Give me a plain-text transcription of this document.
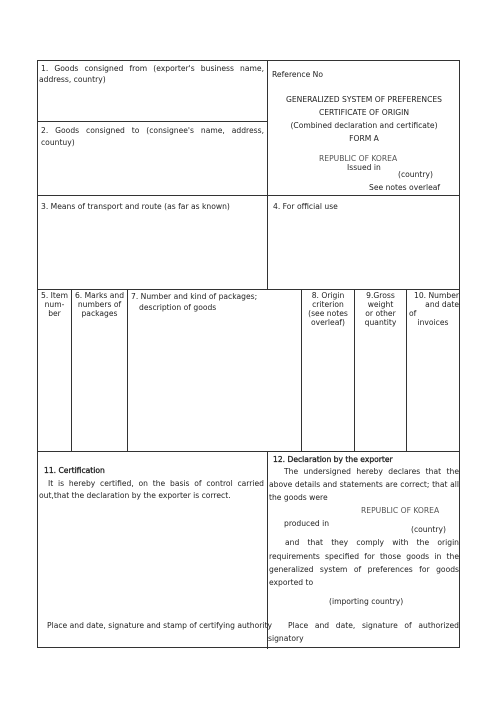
1. Goods consigned from (exporter's business name,
address, country)
2. Goods consigned to (consignee's name, address, countuy)
Reference No
GENERALIZED SYSTEM OF PREFERENCES
CERTIFICATE OF ORIGIN
(Combined declaration and certificate)
FORM A
REPUBLIC OF KOREA
Issued in
(country)
See notes overleaf
3. Means of transport and route (as far as known)	4. For official use
5. Item
num-
ber
6. Marks and
numbers of
packages
7. Number and kind of packages;
description of goods
8. Origin
criterion
(see notes
overleaf)
9.Gross
weight
or other
quantity
10. Number
and date
of
invoices
11. Certification
It is hereby certified, on the basis of control carried
out,that the declaration by the exporter is correct.
Place and date, signature and stamp of certifying authority
12. Declaration by the exporter
The undersigned hereby declares that the
above details and statements are correct; that all
the goods were
REPUBLIC OF KOREA
produced in
(country)
and that they comply with the origin
requirements specified for those goods in the
generalized system of preferences for goods
exported to
(importing country)
Place and date, signature of authorized
signatory
